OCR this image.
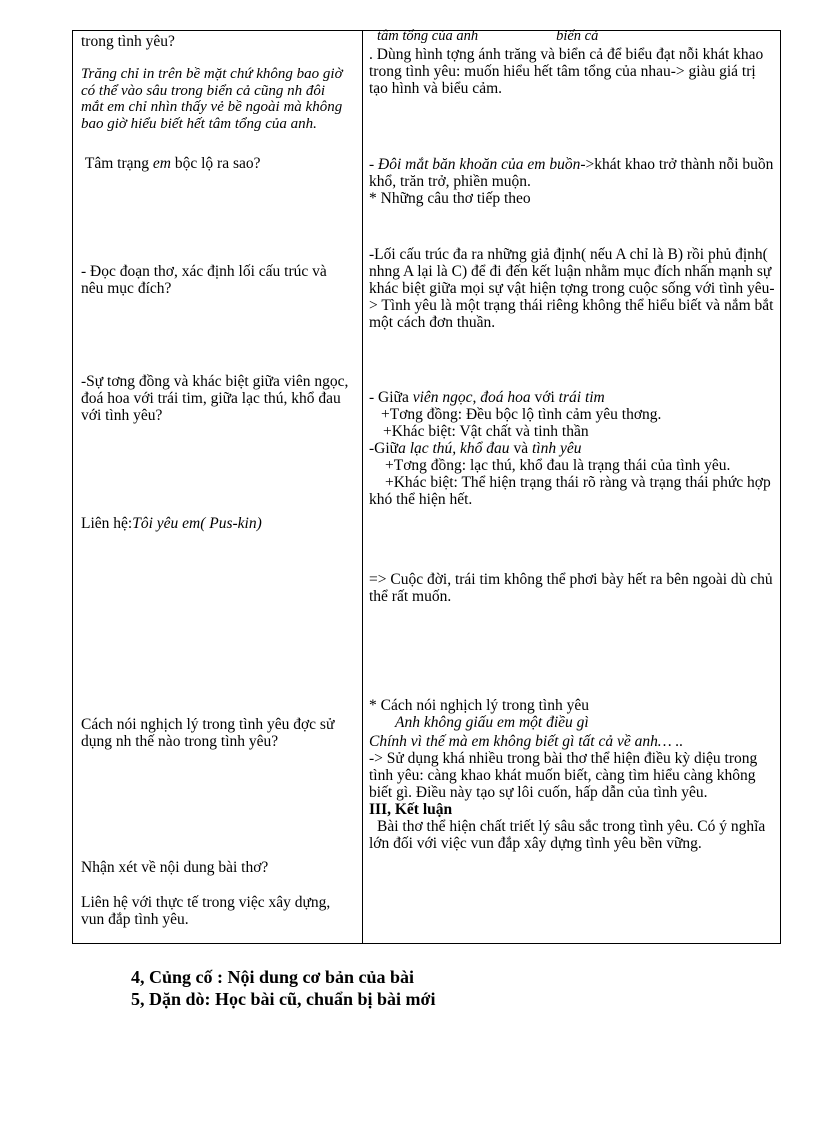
trong tình yêu?

Trăng chỉ in trên bề mặt chứ không bao giờ có thể vào sâu trong biển cả cũng nh đôi mắt em chỉ nhìn thấy vẻ bề ngoài mà không bao giờ hiểu biết hết tâm tổng của anh.

Tâm trạng em bộc lộ ra sao?

- Đọc đoạn thơ, xác định lối cấu trúc và nêu mục đích?

-Sự tơng đồng và khác biệt giữa viên ngọc, đoá hoa với trái tim, giữa lạc thú, khổ đau với tình yêu?

Liên hệ:Tôi yêu em( Pus-kin)

Cách nói nghịch lý trong tình yêu đợc sử dụng nh thế nào trong tình yêu?

Nhận xét về nội dung bài thơ?

Liên hệ với thực tế trong việc xây dựng, vun đắp tình yêu.

tâm tổng của anh	biển cả

. Dùng hình tợng ánh trăng và biển cả để biểu đạt nỗi khát khao trong tình yêu: muốn hiểu hết tâm tổng của nhau-> giàu giá trị tạo hình và biểu cảm.

- Đôi mắt băn khoăn của em buồn->khát khao trở thành nỗi buồn khổ, trăn trở, phiền muộn.

* Những câu thơ tiếp theo

-Lối cấu trúc đa ra những giả định( nếu A chỉ là B) rồi phủ định( nhng A lại là C) để đi đến kết luận nhằm mục đích nhấn mạnh sự khác biệt giữa mọi sự vật hiện tợng trong cuộc sống với tình yêu-> Tình yêu là một trạng thái riêng không thể hiểu biết và nắm bắt một cách đơn thuần.

- Giữa viên ngọc, đoá hoa với trái tim

+Tơng đồng: Đều bộc lộ tình cảm yêu thơng.

+Khác biệt: Vật chất và tinh thần

-Giữa lạc thú, khổ đau và tình yêu

+Tơng đồng: lạc thú, khổ đau là trạng thái của tình yêu.

+Khác biệt: Thể hiện trạng thái rõ ràng và trạng thái phức hợp khó thể hiện hết.

=> Cuộc đời, trái tim không thể phơi bày hết ra bên ngoài dù chủ thể rất muốn.

* Cách nói nghịch lý trong tình yêu

Anh không giấu em một điều gì

Chính vì thế mà em không biết gì tất cả về anh… ..

-> Sử dụng khá nhiều trong bài thơ thể hiện điều kỳ diệu trong tình yêu: càng khao khát muốn biết, càng tìm hiểu càng không biết gì. Điều này tạo sự lôi cuốn, hấp dẫn của tình yêu.

III, Kết luận

Bài thơ thể hiện chất triết lý sâu sắc trong tình yêu. Có ý nghĩa lớn đối với việc vun đắp xây dựng tình yêu bền vững.

4, Củng cố : Nội dung cơ bản của bài
5, Dặn dò: Học bài cũ, chuẩn bị bài mới
